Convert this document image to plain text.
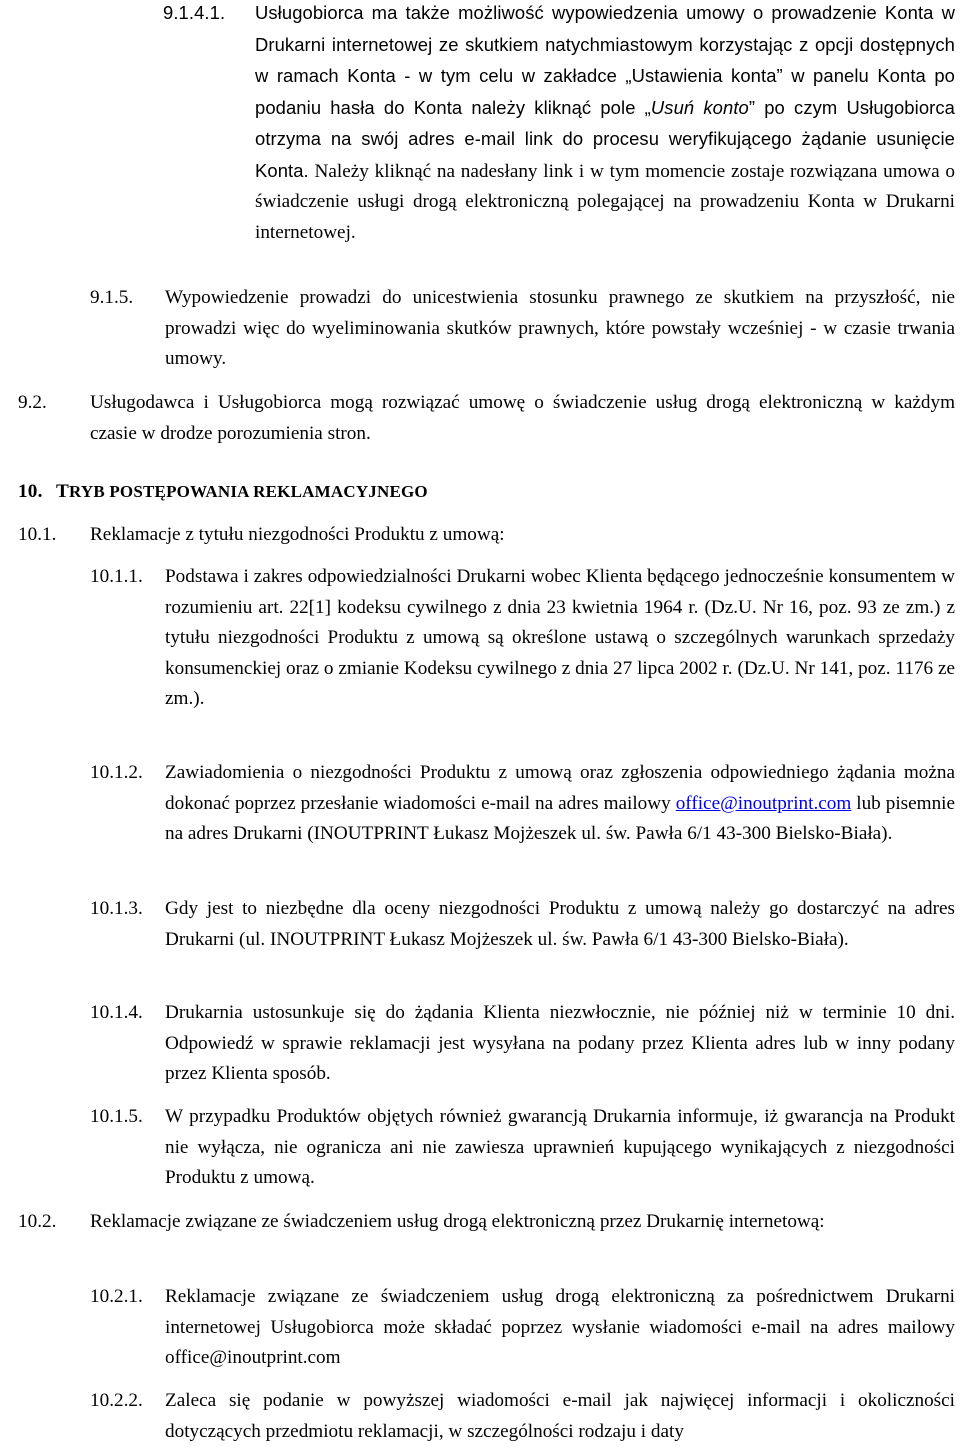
9.1.4.1. Usługobiorca ma także możliwość wypowiedzenia umowy o prowadzenie Konta w Drukarni internetowej ze skutkiem natychmiastowym korzystając z opcji dostępnych w ramach Konta - w tym celu w zakładce „Ustawienia konta” w panelu Konta po podaniu hasła do Konta należy kliknąć pole „Usuń konto” po czym Usługobiorca otrzyma na swój adres e-mail link do procesu weryfikującego żądanie usunięcie Konta. Należy kliknąć na nadesłany link i w tym momencie zostaje rozwiązana umowa o świadczenie usługi drogą elektroniczną polegającej na prowadzeniu Konta w Drukarni internetowej.
9.1.5. Wypowiedzenie prowadzi do unicestwienia stosunku prawnego ze skutkiem na przyszłość, nie prowadzi więc do wyeliminowania skutków prawnych, które powstały wcześniej - w czasie trwania umowy.
9.2. Usługodawca i Usługobiorca mogą rozwiązać umowę o świadczenie usług drogą elektroniczną w każdym czasie w drodze porozumienia stron.
10. TRYB POSTĘPOWANIA REKLAMACYJNEGO
10.1. Reklamacje z tytułu niezgodności Produktu z umową:
10.1.1. Podstawa i zakres odpowiedzialności Drukarni wobec Klienta będącego jednocześnie konsumentem w rozumieniu art. 22[1] kodeksu cywilnego z dnia 23 kwietnia 1964 r. (Dz.U. Nr 16, poz. 93 ze zm.) z tytułu niezgodności Produktu z umową są określone ustawą o szczególnych warunkach sprzedaży konsumenckiej oraz o zmianie Kodeksu cywilnego z dnia 27 lipca 2002 r. (Dz.U. Nr 141, poz. 1176 ze zm.).
10.1.2. Zawiadomienia o niezgodności Produktu z umową oraz zgłoszenia odpowiedniego żądania można dokonać poprzez przesłanie wiadomości e-mail na adres mailowy office@inoutprint.com lub pisemnie na adres Drukarni (INOUTPRINT Łukasz Mojżeszek ul. św. Pawła 6/1 43-300 Bielsko-Biała).
10.1.3. Gdy jest to niezbędne dla oceny niezgodności Produktu z umową należy go dostarczyć na adres Drukarni (ul. INOUTPRINT Łukasz Mojżeszek ul. św. Pawła 6/1 43-300 Bielsko-Biała).
10.1.4. Drukarnia ustosunkuje się do żądania Klienta niezwłocznie, nie później niż w terminie 10 dni. Odpowiedź w sprawie reklamacji jest wysyłana na podany przez Klienta adres lub w inny podany przez Klienta sposób.
10.1.5. W przypadku Produktów objętych również gwarancją Drukarnia informuje, iż gwarancja na Produkt nie wyłącza, nie ogranicza ani nie zawiesza uprawnień kupującego wynikających z niezgodności Produktu z umową.
10.2. Reklamacje związane ze świadczeniem usług drogą elektroniczną przez Drukarnię internetową:
10.2.1. Reklamacje związane ze świadczeniem usług drogą elektroniczną za pośrednictwem Drukarni internetowej Usługobiorca może składać poprzez wysłanie wiadomości e-mail na adres mailowy office@inoutprint.com
10.2.2. Zaleca się podanie w powyższej wiadomości e-mail jak najwięcej informacji i okoliczności dotyczących przedmiotu reklamacji, w szczególności rodzaju i daty
